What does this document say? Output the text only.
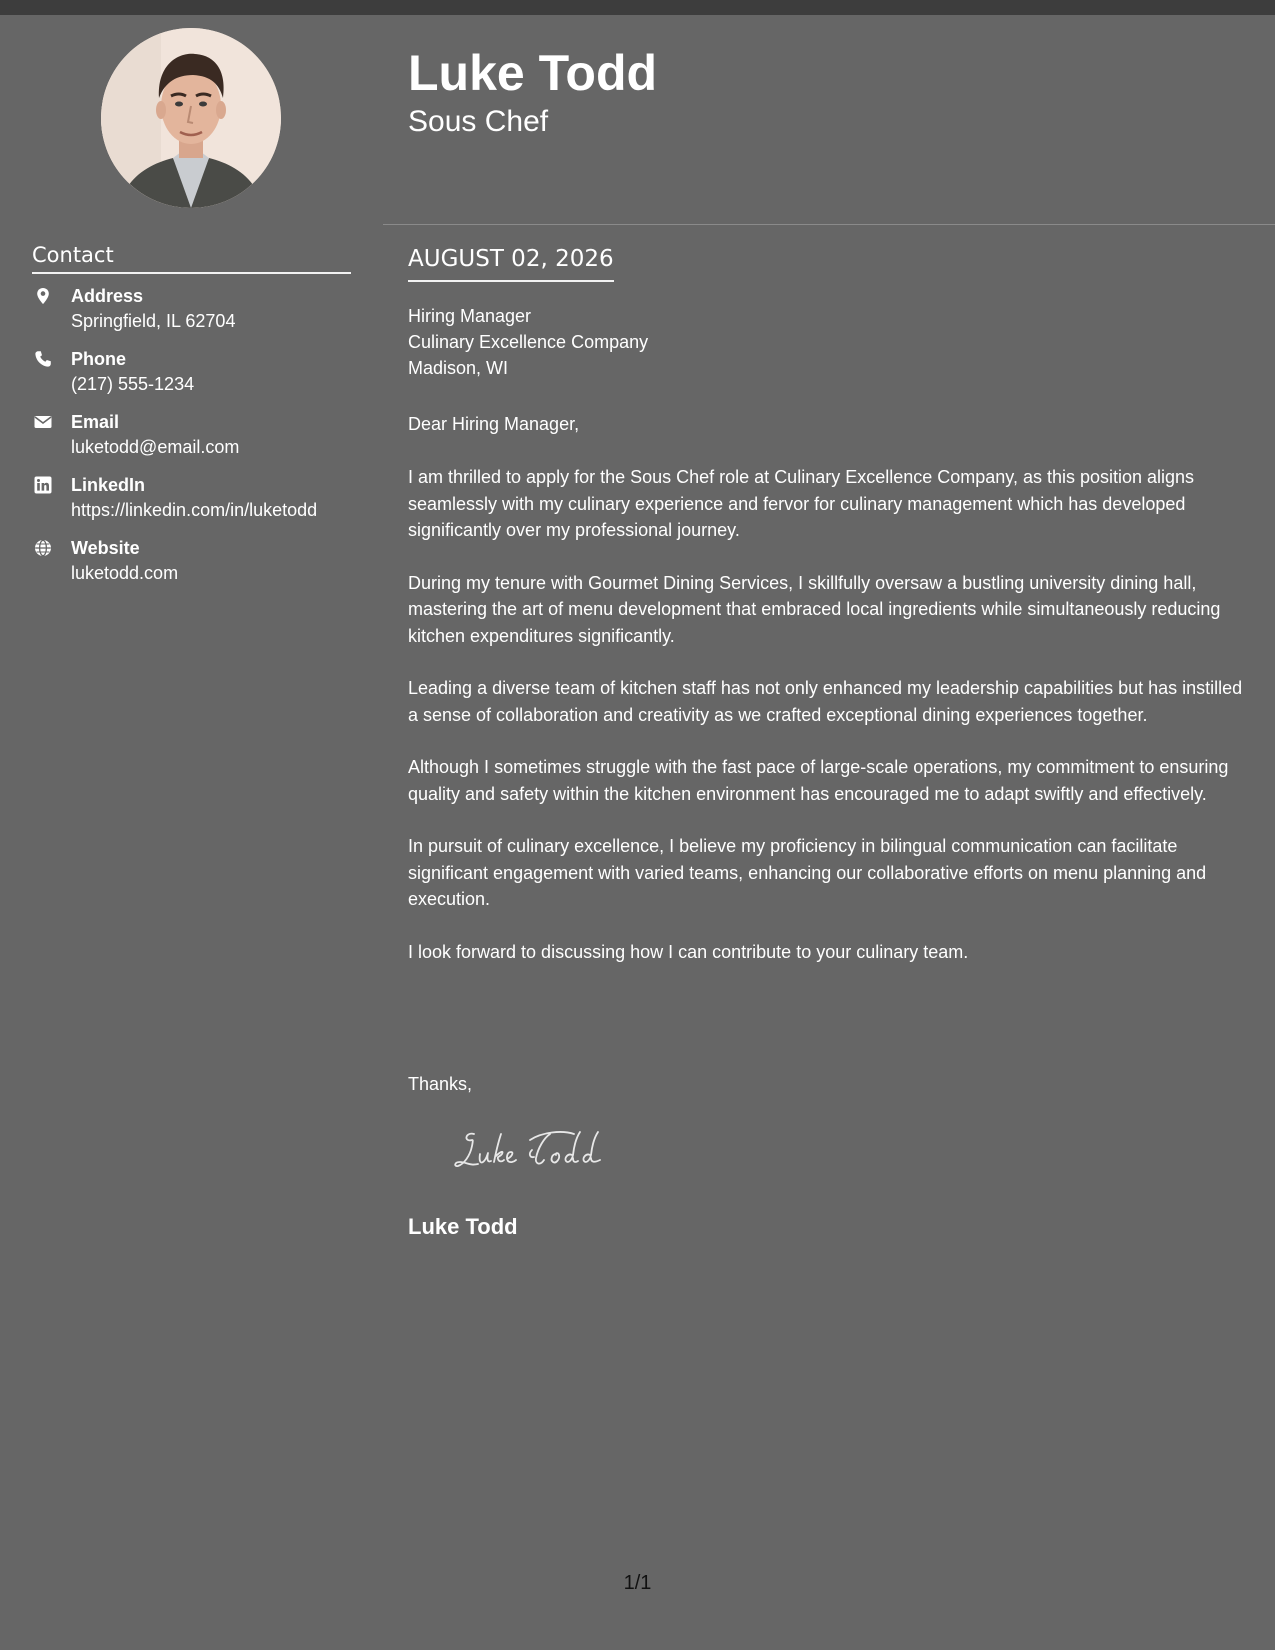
Contact
Address
Springfield, IL 62704
Phone
(217) 555-1234
Email
luketodd@email.com
LinkedIn
https://linkedin.com/in/luketodd
Website
luketodd.com
Luke Todd
Sous Chef
AUGUST 02, 2026
Hiring Manager
Culinary Excellence Company
Madison, WI
Dear Hiring Manager,

I am thrilled to apply for the Sous Chef role at Culinary Excellence Company, as this position aligns seamlessly with my culinary experience and fervor for culinary management which has developed significantly over my professional journey.

During my tenure with Gourmet Dining Services, I skillfully oversaw a bustling university dining hall, mastering the art of menu development that embraced local ingredients while simultaneously reducing kitchen expenditures significantly.

Leading a diverse team of kitchen staff has not only enhanced my leadership capabilities but has instilled a sense of collaboration and creativity as we crafted exceptional dining experiences together.

Although I sometimes struggle with the fast pace of large-scale operations, my commitment to ensuring quality and safety within the kitchen environment has encouraged me to adapt swiftly and effectively.

In pursuit of culinary excellence, I believe my proficiency in bilingual communication can facilitate significant engagement with varied teams, enhancing our collaborative efforts on menu planning and execution.

I look forward to discussing how I can contribute to your culinary team.

Thanks,
Luke Todd
1/1
